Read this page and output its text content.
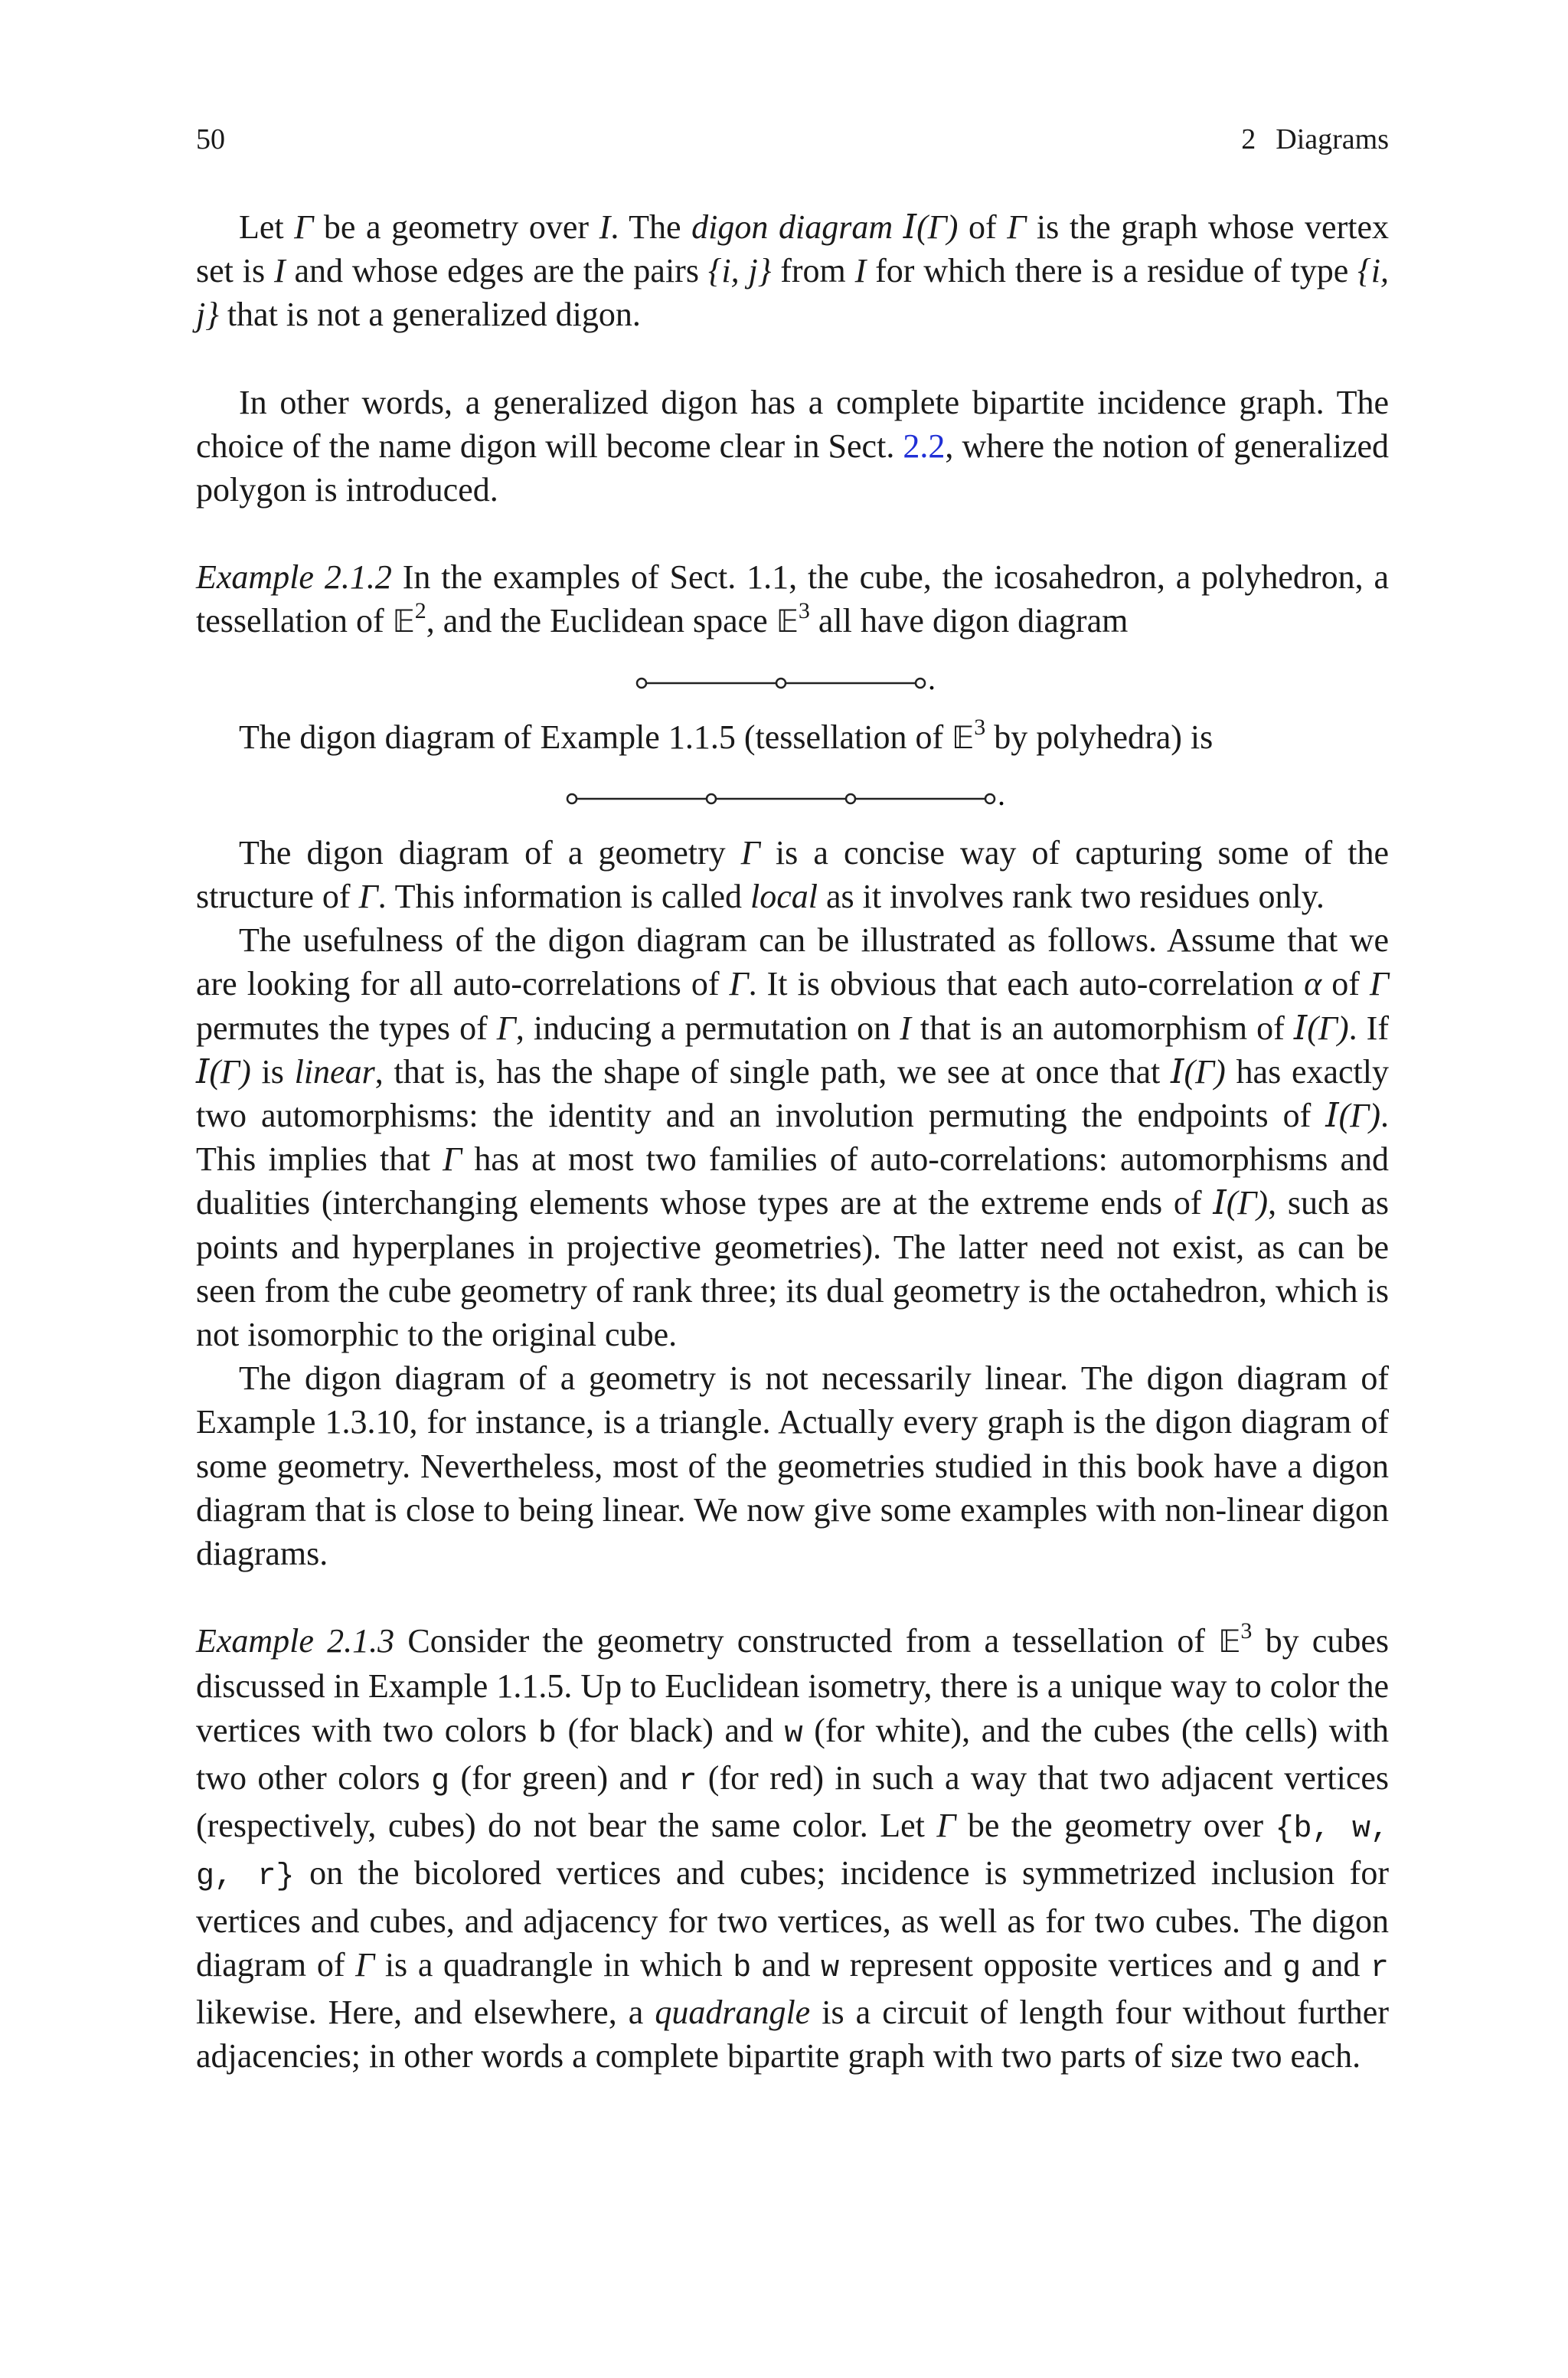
50	2 Diagrams

Let Γ be a geometry over I. The digon diagram I(Γ) of Γ is the graph whose vertex set is I and whose edges are the pairs {i, j} from I for which there is a residue of type {i, j} that is not a generalized digon.

In other words, a generalized digon has a complete bipartite incidence graph. The choice of the name digon will become clear in Sect. 2.2, where the notion of generalized polygon is introduced.

Example 2.1.2 In the examples of Sect. 1.1, the cube, the icosahedron, a polyhedron, a tessellation of 𝔼$^2$, and the Euclidean space 𝔼$^3$ all have digon diagram

.

The digon diagram of Example 1.1.5 (tessellation of 𝔼$^3$ by polyhedra) is

.

The digon diagram of a geometry Γ is a concise way of capturing some of the structure of Γ. This information is called local as it involves rank two residues only.

The usefulness of the digon diagram can be illustrated as follows. Assume that we are looking for all auto-correlations of Γ. It is obvious that each auto-correlation α of Γ permutes the types of Γ, inducing a permutation on I that is an automorphism of I(Γ). If I(Γ) is linear, that is, has the shape of single path, we see at once that I(Γ) has exactly two automorphisms: the identity and an involution permuting the endpoints of I(Γ). This implies that Γ has at most two families of auto-correlations: automorphisms and dualities (interchanging elements whose types are at the extreme ends of I(Γ), such as points and hyperplanes in projective geometries). The latter need not exist, as can be seen from the cube geometry of rank three; its dual geometry is the octahedron, which is not isomorphic to the original cube.

The digon diagram of a geometry is not necessarily linear. The digon diagram of Example 1.3.10, for instance, is a triangle. Actually every graph is the digon diagram of some geometry. Nevertheless, most of the geometries studied in this book have a digon diagram that is close to being linear. We now give some examples with non-linear digon diagrams.

Example 2.1.3 Consider the geometry constructed from a tessellation of 𝔼$^3$ by cubes discussed in Example 1.1.5. Up to Euclidean isometry, there is a unique way to color the vertices with two colors b (for black) and w (for white), and the cubes (the cells) with two other colors g (for green) and r (for red) in such a way that two adjacent vertices (respectively, cubes) do not bear the same color. Let Γ be the geometry over {b, w, g, r} on the bicolored vertices and cubes; incidence is symmetrized inclusion for vertices and cubes, and adjacency for two vertices, as well as for two cubes. The digon diagram of Γ is a quadrangle in which b and w represent opposite vertices and g and r likewise. Here, and elsewhere, a quadrangle is a circuit of length four without further adjacencies; in other words a complete bipartite graph with two parts of size two each.
